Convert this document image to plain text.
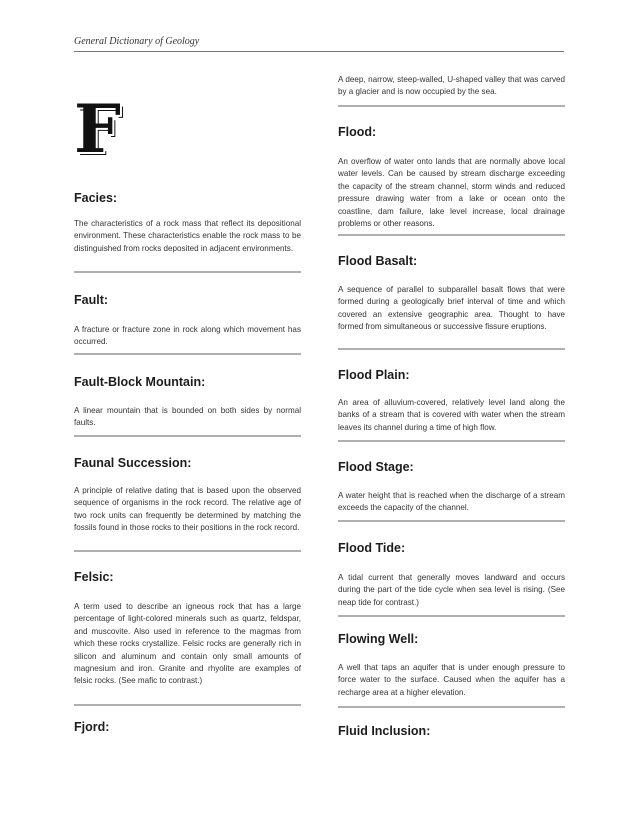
General Dictionary of Geology
F
Facies:
The characteristics of a rock mass that reflect its depositional environment. These characteristics enable the rock mass to be distinguished from rocks deposited in adjacent environments.
Fault:
A fracture or fracture zone in rock along which movement has occurred.
Fault-Block Mountain:
A linear mountain that is bounded on both sides by normal faults.
Faunal Succession:
A principle of relative dating that is based upon the observed sequence of organisms in the rock record. The relative age of two rock units can frequently be determined by matching the fossils found in those rocks to their positions in the rock record.
Felsic:
A term used to describe an igneous rock that has a large percentage of light-colored minerals such as quartz, feldspar, and muscovite. Also used in reference to the magmas from which these rocks crystallize. Felsic rocks are generally rich in silicon and aluminum and contain only small amounts of magnesium and iron. Granite and rhyolite are examples of felsic rocks. (See mafic to contrast.)
Fjord:
A deep, narrow, steep-walled, U-shaped valley that was carved by a glacier and is now occupied by the sea.
Flood:
An overflow of water onto lands that are normally above local water levels. Can be caused by stream discharge exceeding the capacity of the stream channel, storm winds and reduced pressure drawing water from a lake or ocean onto the coastline, dam failure, lake level increase, local drainage problems or other reasons.
Flood Basalt:
A sequence of parallel to subparallel basalt flows that were formed during a geologically brief interval of time and which covered an extensive geographic area. Thought to have formed from simultaneous or successive fissure eruptions.
Flood Plain:
An area of alluvium-covered, relatively level land along the banks of a stream that is covered with water when the stream leaves its channel during a time of high flow.
Flood Stage:
A water height that is reached when the discharge of a stream exceeds the capacity of the channel.
Flood Tide:
A tidal current that generally moves landward and occurs during the part of the tide cycle when sea level is rising. (See neap tide for contrast.)
Flowing Well:
A well that taps an aquifer that is under enough pressure to force water to the surface. Caused when the aquifer has a recharge area at a higher elevation.
Fluid Inclusion:
